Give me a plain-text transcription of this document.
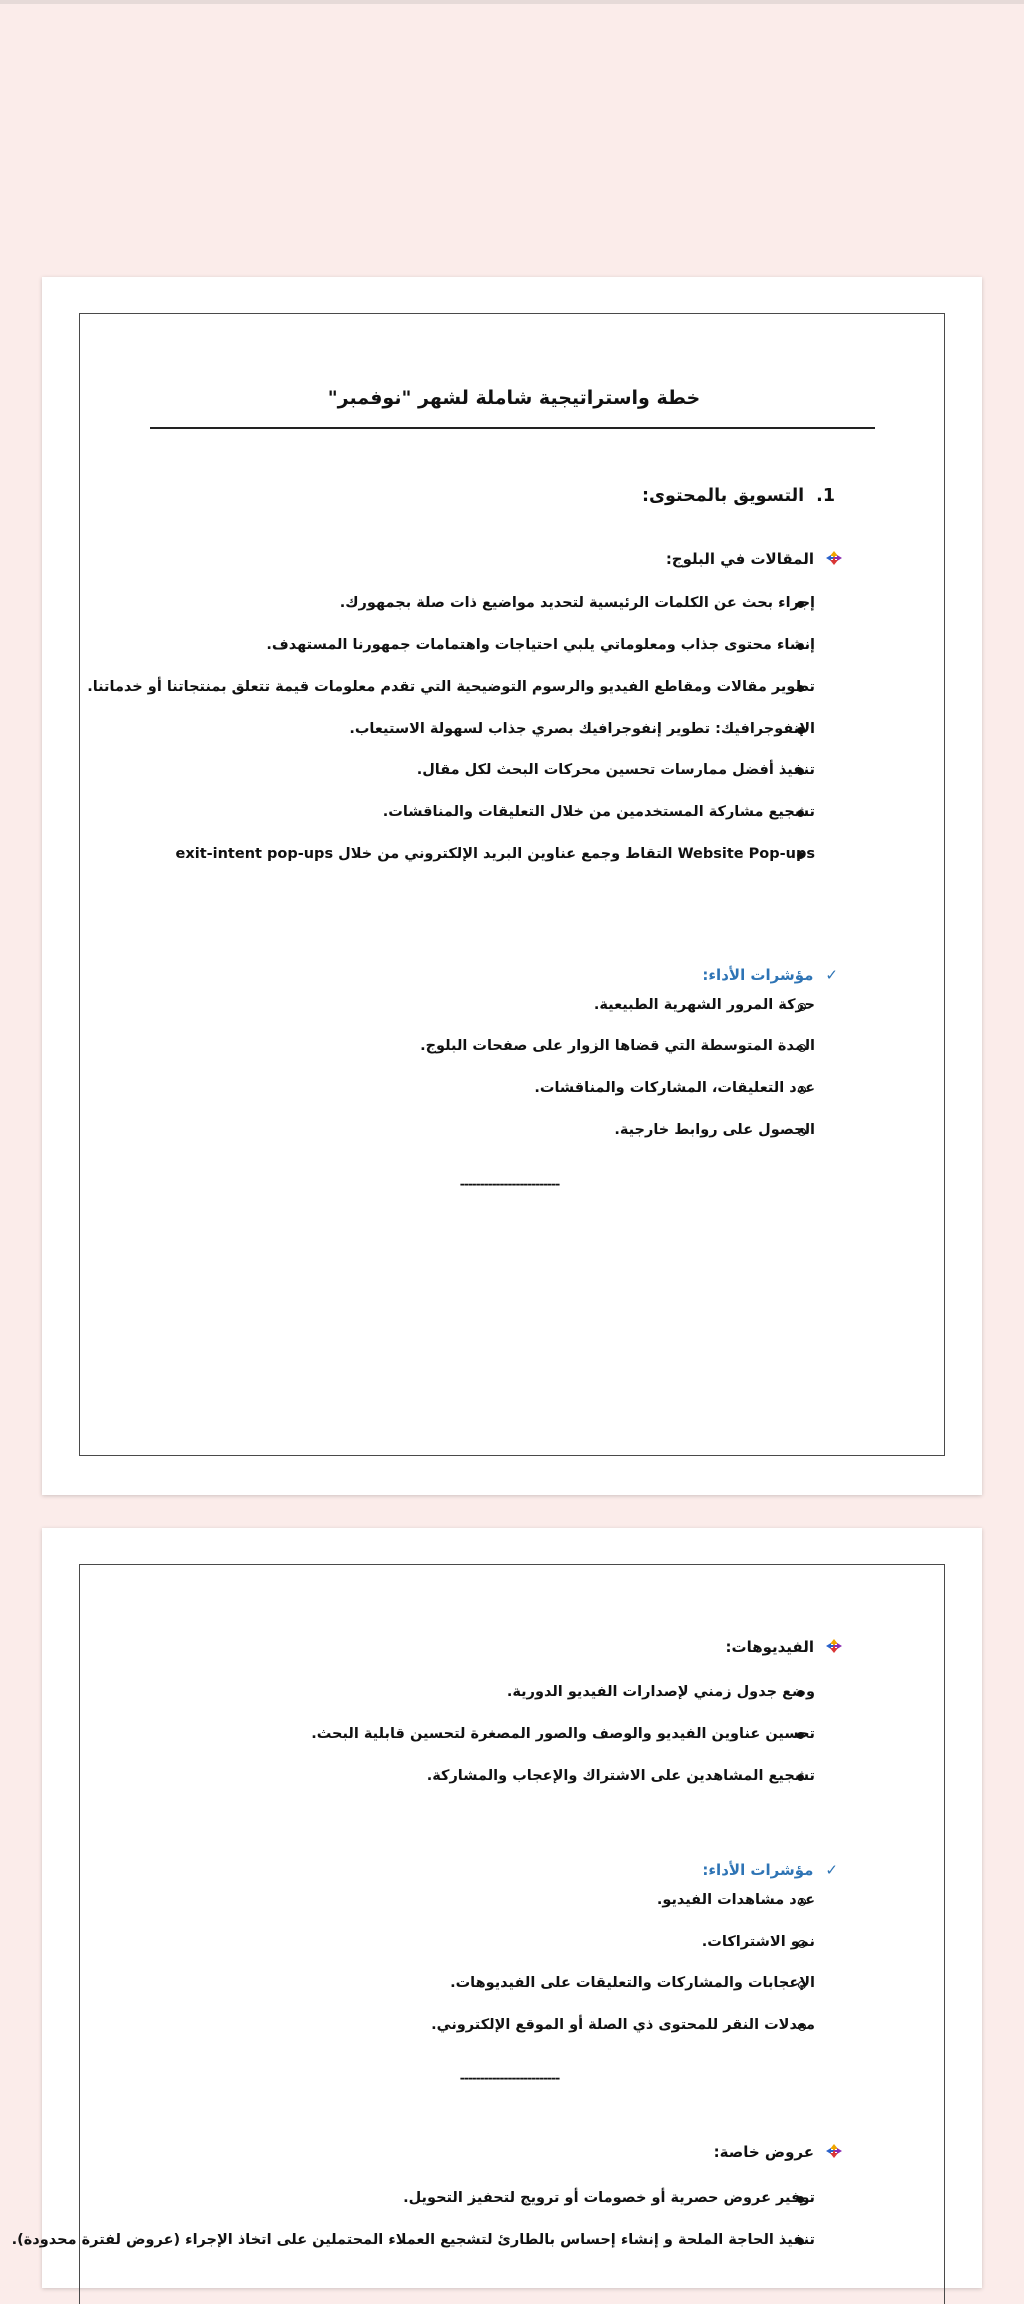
خطة واستراتيجية شاملة لشهر "نوفمبر"
1.التسويق بالمحتوى:
المقالات في البلوج:
إجراء بحث عن الكلمات الرئيسية لتحديد مواضيع ذات صلة بجمهورك.
إنشاء محتوى جذاب ومعلوماتي يلبي احتياجات واهتمامات جمهورنا المستهدف.
تطوير مقالات ومقاطع الفيديو والرسوم التوضيحية التي تقدم معلومات قيمة تتعلق بمنتجاتنا أو خدماتنا.
الإنفوجرافيك: تطوير إنفوجرافيك بصري جذاب لسهولة الاستيعاب.
تنفيذ أفضل ممارسات تحسين محركات البحث لكل مقال.
تشجيع مشاركة المستخدمين من خلال التعليقات والمناقشات.
Website Pop-ups التقاط وجمع عناوين البريد الإلكتروني من خلال exit-intent pop-ups
✓مؤشرات الأداء:
حركة المرور الشهرية الطبيعية.
المدة المتوسطة التي قضاها الزوار على صفحات البلوج.
عدد التعليقات، المشاركات والمناقشات.
الحصول على روابط خارجية.
-------------------------
الفيديوهات:
وضع جدول زمني لإصدارات الفيديو الدورية.
تحسين عناوين الفيديو والوصف والصور المصغرة لتحسين قابلية البحث.
تشجيع المشاهدين على الاشتراك والإعجاب والمشاركة.
✓مؤشرات الأداء:
عدد مشاهدات الفيديو.
نمو الاشتراكات.
الإعجابات والمشاركات والتعليقات على الفيديوهات.
معدلات النقر للمحتوى ذي الصلة أو الموقع الإلكتروني.
-------------------------
عروض خاصة:
توفير عروض حصرية أو خصومات أو ترويج لتحفيز التحويل.
تنفيذ الحاجة الملحة و إنشاء إحساس بالطارئ لتشجيع العملاء المحتملين على اتخاذ الإجراء (عروض لفترة محدودة).
